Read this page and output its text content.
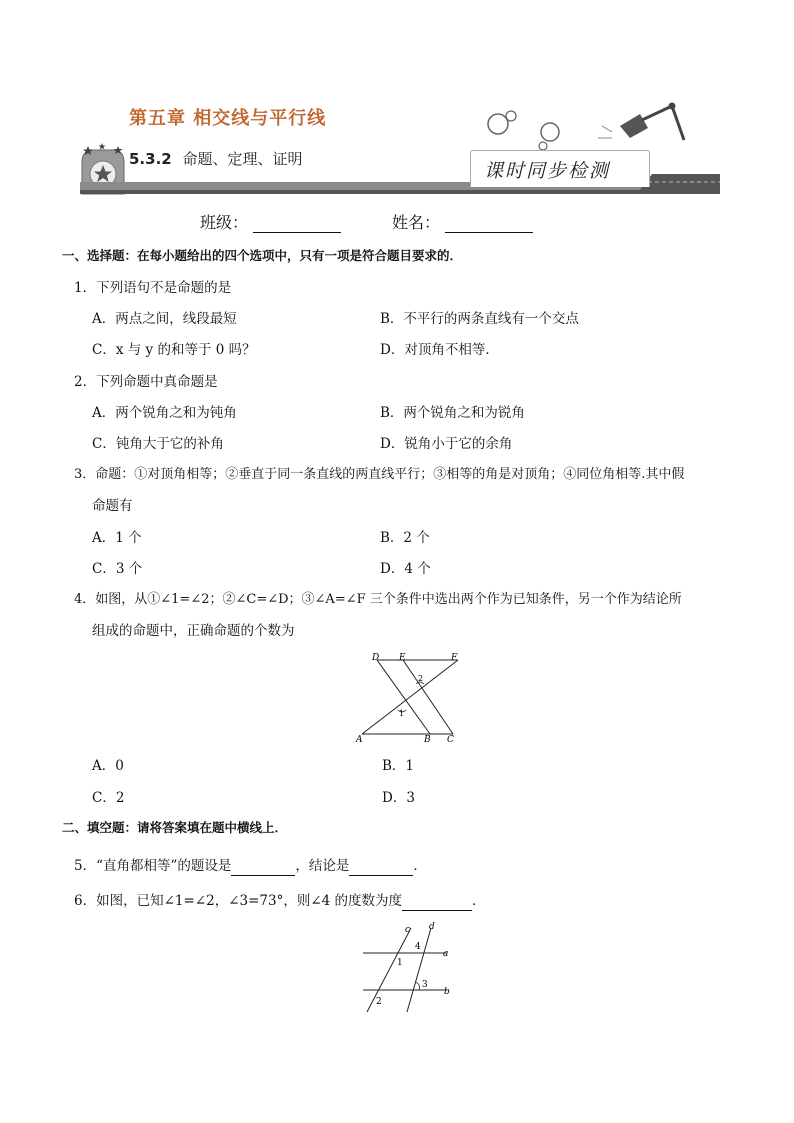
第五章 相交线与平行线
5.3.2 命题、定理、证明
课时同步检测
班级：	姓名：
一、选择题：在每小题给出的四个选项中，只有一项是符合题目要求的．
1．下列语句不是命题的是
A．两点之间，线段最短	B．不平行的两条直线有一个交点
C．x 与 y 的和等于 0 吗？	D．对顶角不相等．
2．下列命题中真命题是
A．两个锐角之和为钝角	B．两个锐角之和为锐角
C．钝角大于它的补角	D．锐角小于它的余角
3．命题：①对顶角相等；②垂直于同一条直线的两直线平行；③相等的角是对顶角；④同位角相等.其中假
命题有
A．1 个	B．2 个
C．3 个	D．4 个
4．如图，从①∠1=∠2；②∠C=∠D；③∠A=∠F 三个条件中选出两个作为已知条件，另一个作为结论所
组成的命题中，正确命题的个数为
D E	F
A	B C
1
2
A．0	B．1
C．2	D．3
二、填空题：请将答案填在题中横线上．
5．“直角都相等”的题设是	，结论是	．
6．如图，已知∠1=∠2，∠3=73°，则∠4 的度数为度	．
c d
a
b
1
2
3
4
